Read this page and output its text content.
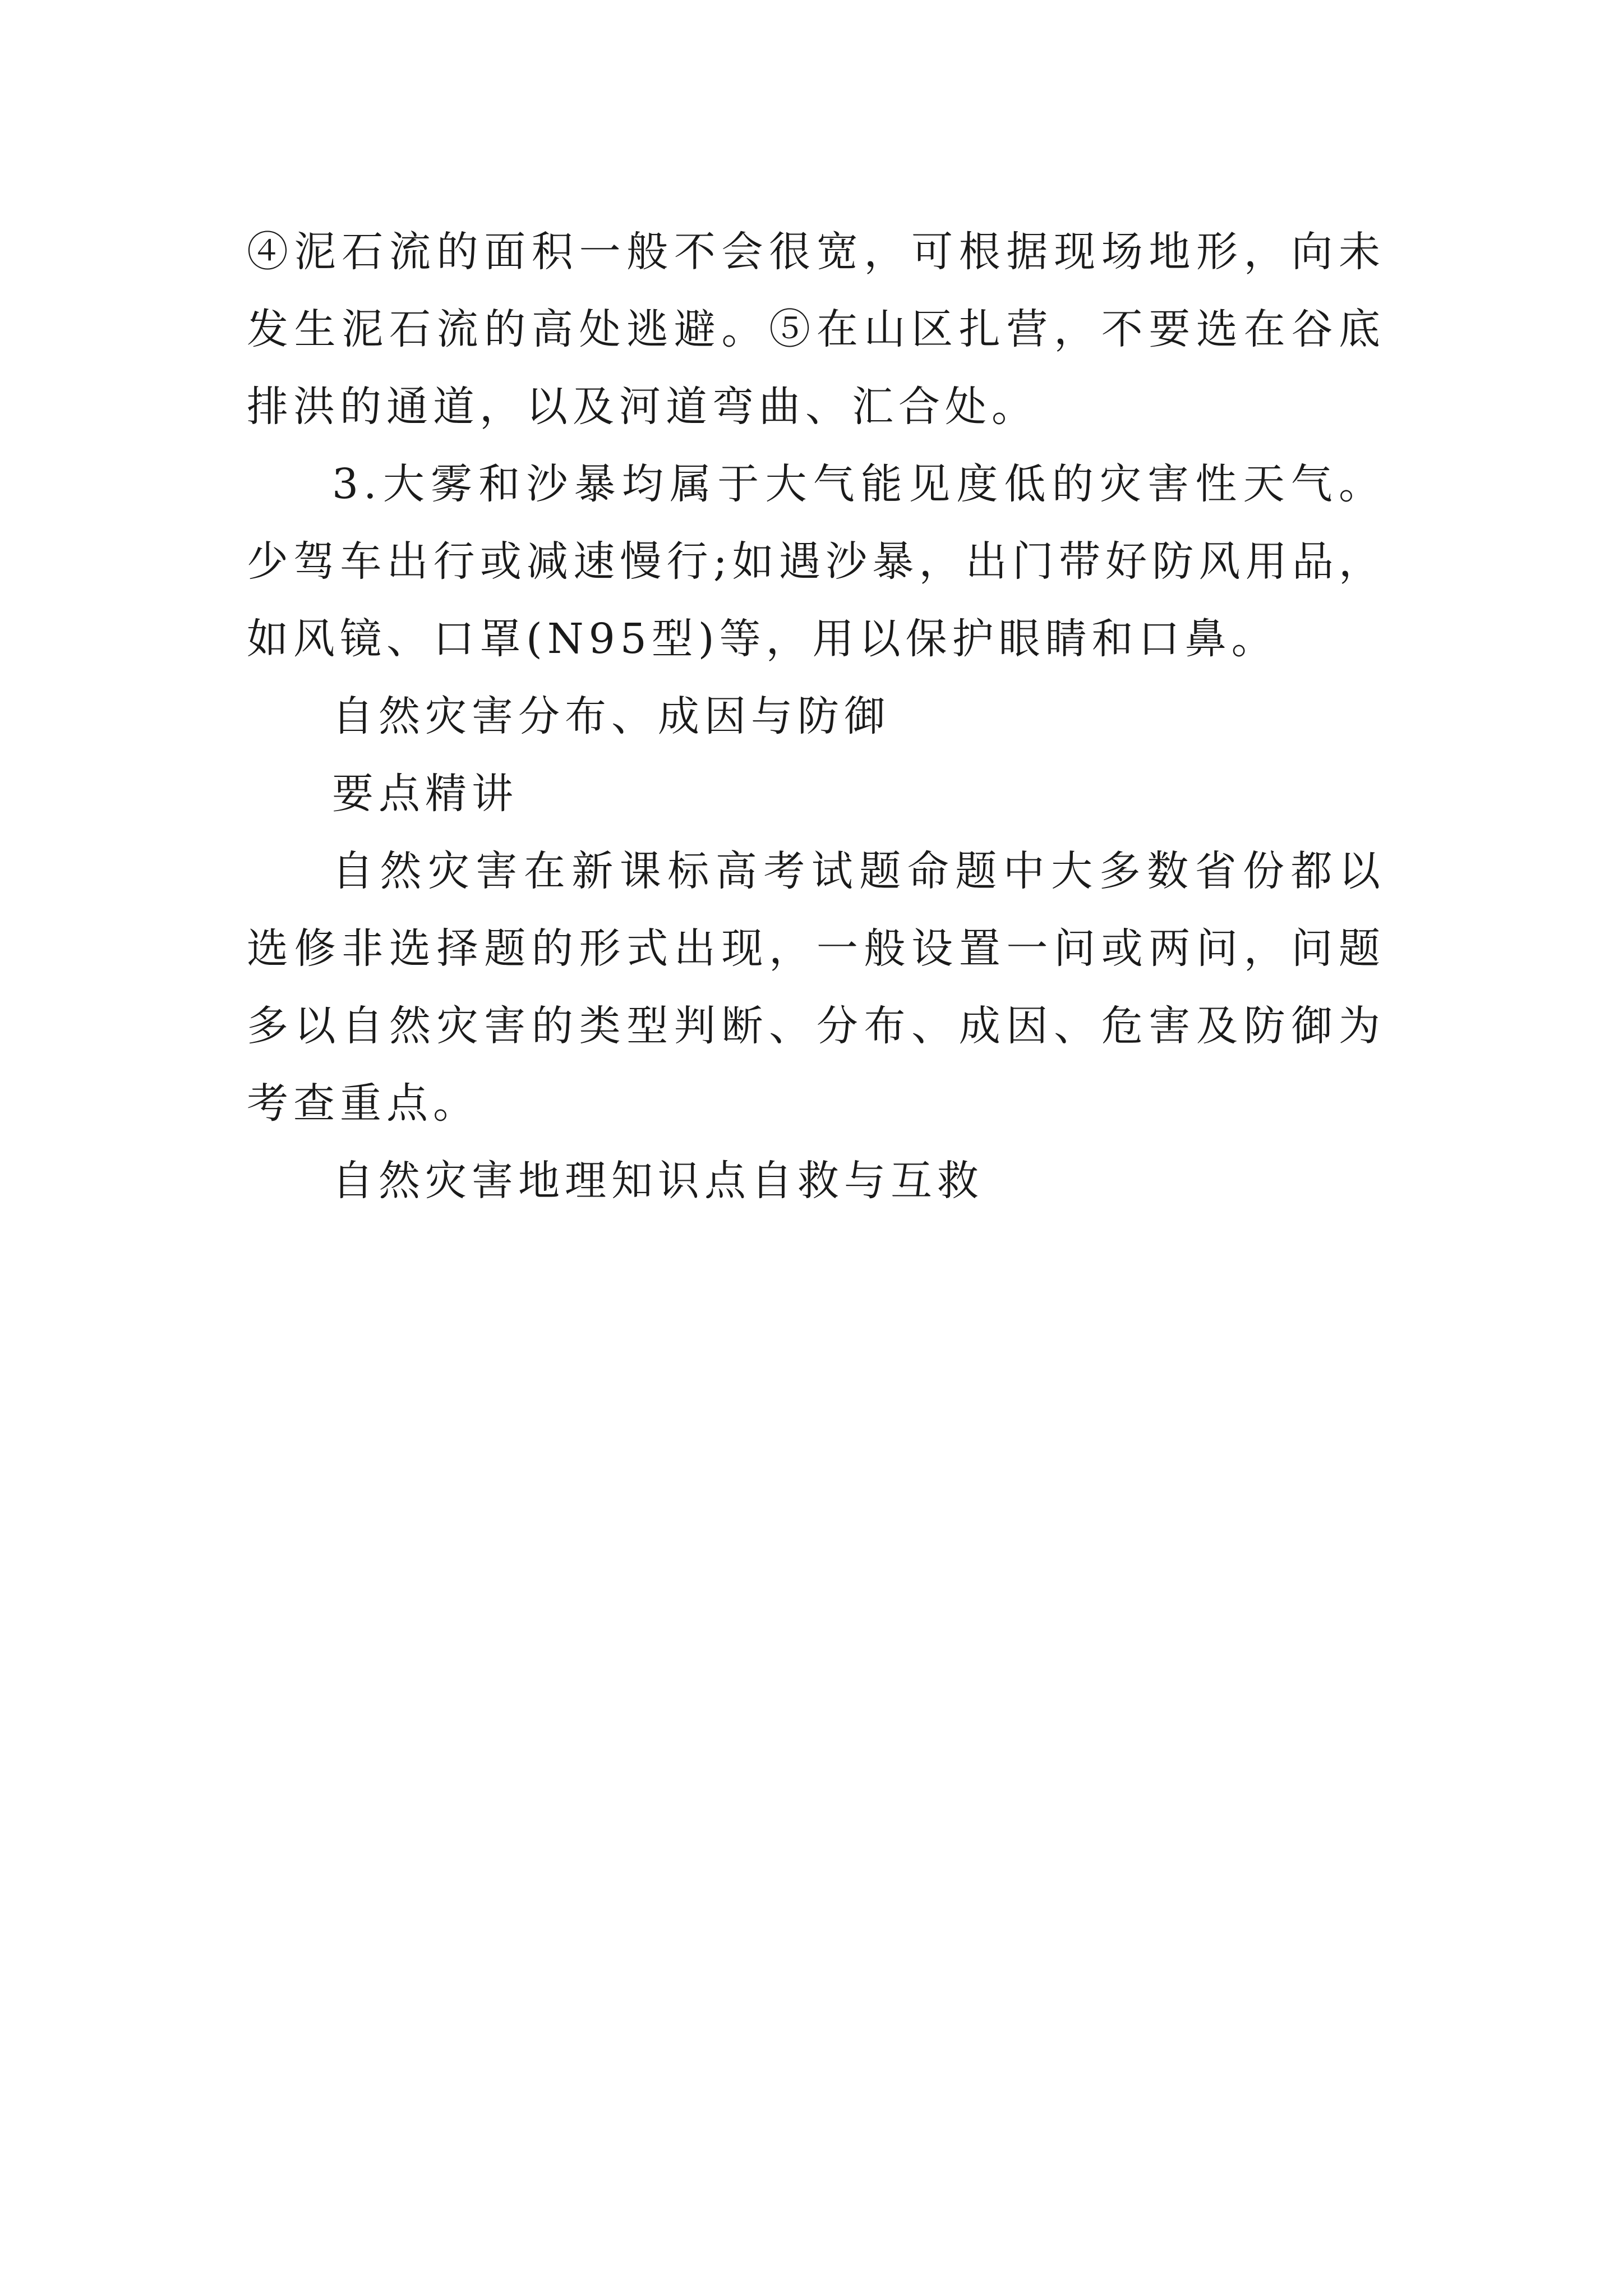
④泥石流的面积一般不会很宽，可根据现场地形，向未发生泥石流的高处逃避。⑤在山区扎营，不要选在谷底排洪的通道，以及河道弯曲、汇合处。

3.大雾和沙暴均属于大气能见度低的灾害性天气。少驾车出行或减速慢行;如遇沙暴，出门带好防风用品，如风镜、口罩(N95型)等，用以保护眼睛和口鼻。

自然灾害分布、成因与防御

要点精讲

自然灾害在新课标高考试题命题中大多数省份都以选修非选择题的形式出现，一般设置一问或两问，问题多以自然灾害的类型判断、分布、成因、危害及防御为考查重点。

自然灾害地理知识点自救与互救
